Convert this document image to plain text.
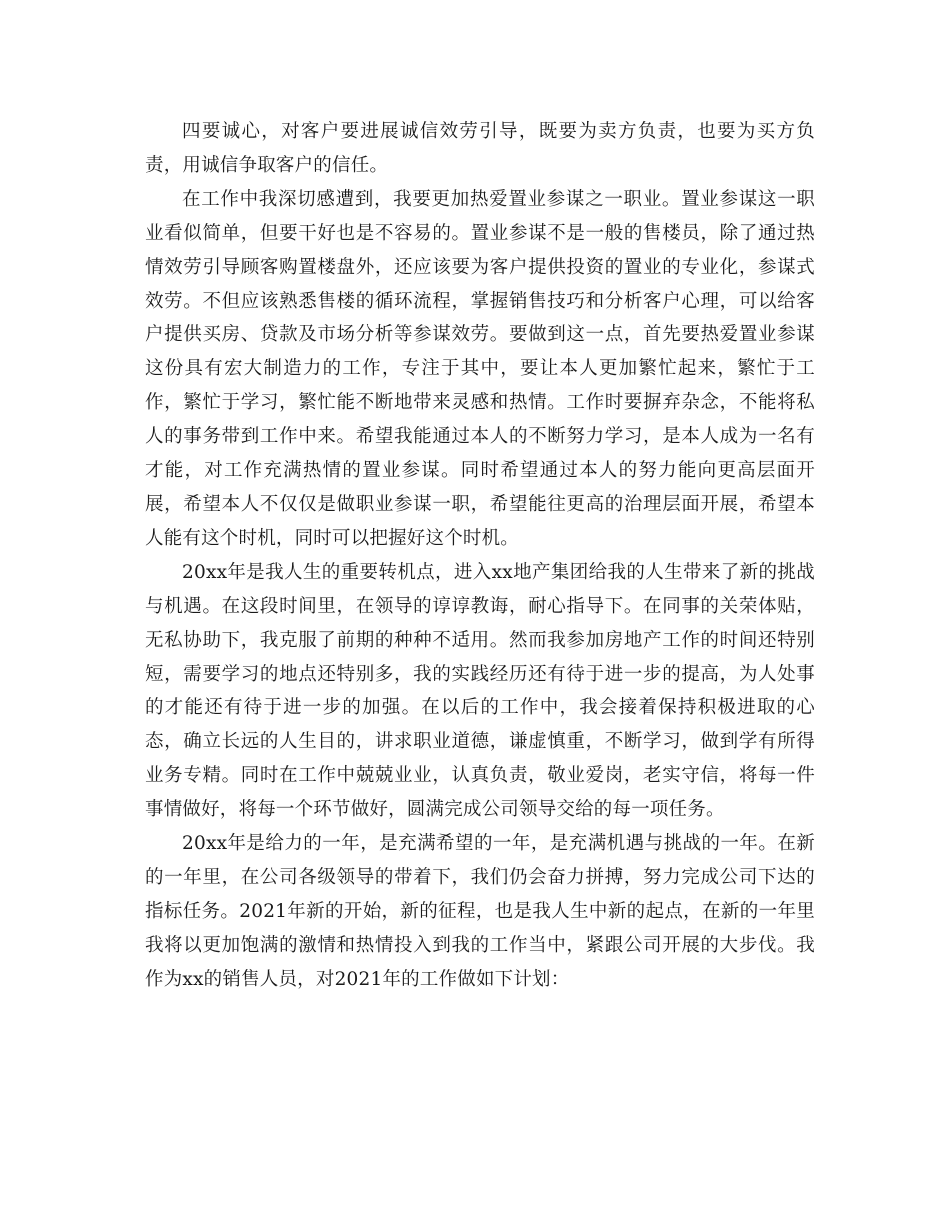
四要诚心，对客户要进展诚信效劳引导，既要为卖方负责，也要为买方负责，用诚信争取客户的信任。

在工作中我深切感遭到，我要更加热爱置业参谋之一职业。置业参谋这一职业看似简单，但要干好也是不容易的。置业参谋不是一般的售楼员，除了通过热情效劳引导顾客购置楼盘外，还应该要为客户提供投资的置业的专业化，参谋式效劳。不但应该熟悉售楼的循环流程，掌握销售技巧和分析客户心理，可以给客户提供买房、贷款及市场分析等参谋效劳。要做到这一点，首先要热爱置业参谋这份具有宏大制造力的工作，专注于其中，要让本人更加繁忙起来，繁忙于工作，繁忙于学习，繁忙能不断地带来灵感和热情。工作时要摒弃杂念，不能将私人的事务带到工作中来。希望我能通过本人的不断努力学习，是本人成为一名有才能，对工作充满热情的置业参谋。同时希望通过本人的努力能向更高层面开展，希望本人不仅仅是做职业参谋一职，希望能往更高的治理层面开展，希望本人能有这个时机，同时可以把握好这个时机。

20xx年是我人生的重要转机点，进入xx地产集团给我的人生带来了新的挑战与机遇。在这段时间里，在领导的谆谆教诲，耐心指导下。在同事的关荣体贴，无私协助下，我克服了前期的种种不适用。然而我参加房地产工作的时间还特别短，需要学习的地点还特别多，我的实践经历还有待于进一步的提高，为人处事的才能还有待于进一步的加强。在以后的工作中，我会接着保持积极进取的心态，确立长远的人生目的，讲求职业道德，谦虚慎重，不断学习，做到学有所得业务专精。同时在工作中兢兢业业，认真负责，敬业爱岗，老实守信，将每一件事情做好，将每一个环节做好，圆满完成公司领导交给的每一项任务。

20xx年是给力的一年，是充满希望的一年，是充满机遇与挑战的一年。在新的一年里，在公司各级领导的带着下，我们仍会奋力拼搏，努力完成公司下达的指标任务。2021年新的开始，新的征程，也是我人生中新的起点，在新的一年里我将以更加饱满的激情和热情投入到我的工作当中，紧跟公司开展的大步伐。我作为xx的销售人员，对2021年的工作做如下计划：
